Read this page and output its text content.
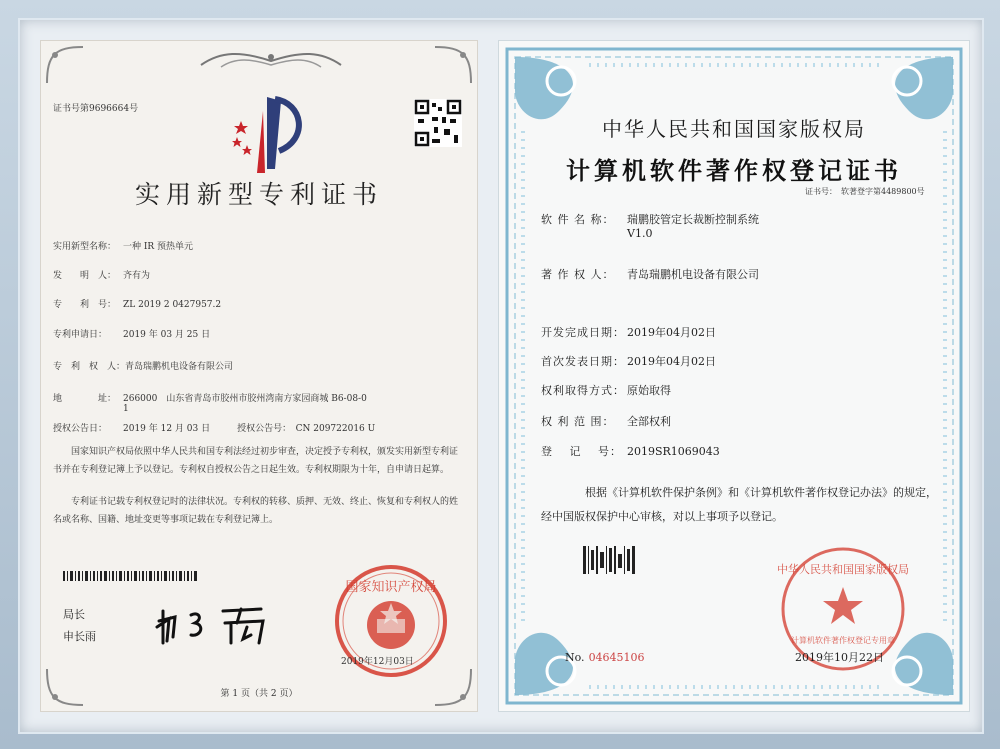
证书号第9696664号
实用新型专利证书
实用新型名称： 一种 IR 预热单元
发　　明　人： 齐有为
专　　利　号： ZL 2019 2 0427957.2
专利申请日： 2019 年 03 月 25 日
专　利　权　人：青岛瑞鹏机电设备有限公司
地　　　　址： 266000　山东省青岛市胶州市胶州湾南方家园商城 B6-08-0
1
授权公告日： 2019 年 12 月 03 日　　　授权公告号：　CN 209722016 U
国家知识产权局依照中华人民共和国专利法经过初步审查，决定授予专利权，颁发实用新型专利证书并在专利登记簿上予以登记。专利权自授权公告之日起生效。专利权期限为十年，自申请日起算。
专利证书记载专利权登记时的法律状况。专利权的转移、质押、无效、终止、恢复和专利权人的姓名或名称、国籍、地址变更等事项记载在专利登记簿上。
局长
申长雨
国家知识产权局
2019年12月03日
第 1 页（共 2 页）
中华人民共和国国家版权局
计算机软件著作权登记证书
证书号：　软著登字第4489800号
软 件 名 称： 瑞鹏胶管定长裁断控制系统
V1.0
著 作 权 人： 青岛瑞鹏机电设备有限公司
开发完成日期： 2019年04月02日
首次发表日期： 2019年04月02日
权利取得方式： 原始取得
权 利 范 围： 全部权利
登　 记　 号： 2019SR1069043
根据《计算机软件保护条例》和《计算机软件著作权登记办法》的规定，经中国版权保护中心审核，对以上事项予以登记。
中华人民共和国国家版权局
计算机软件著作权登记专用章
No. 04645106	2019年10月22日
